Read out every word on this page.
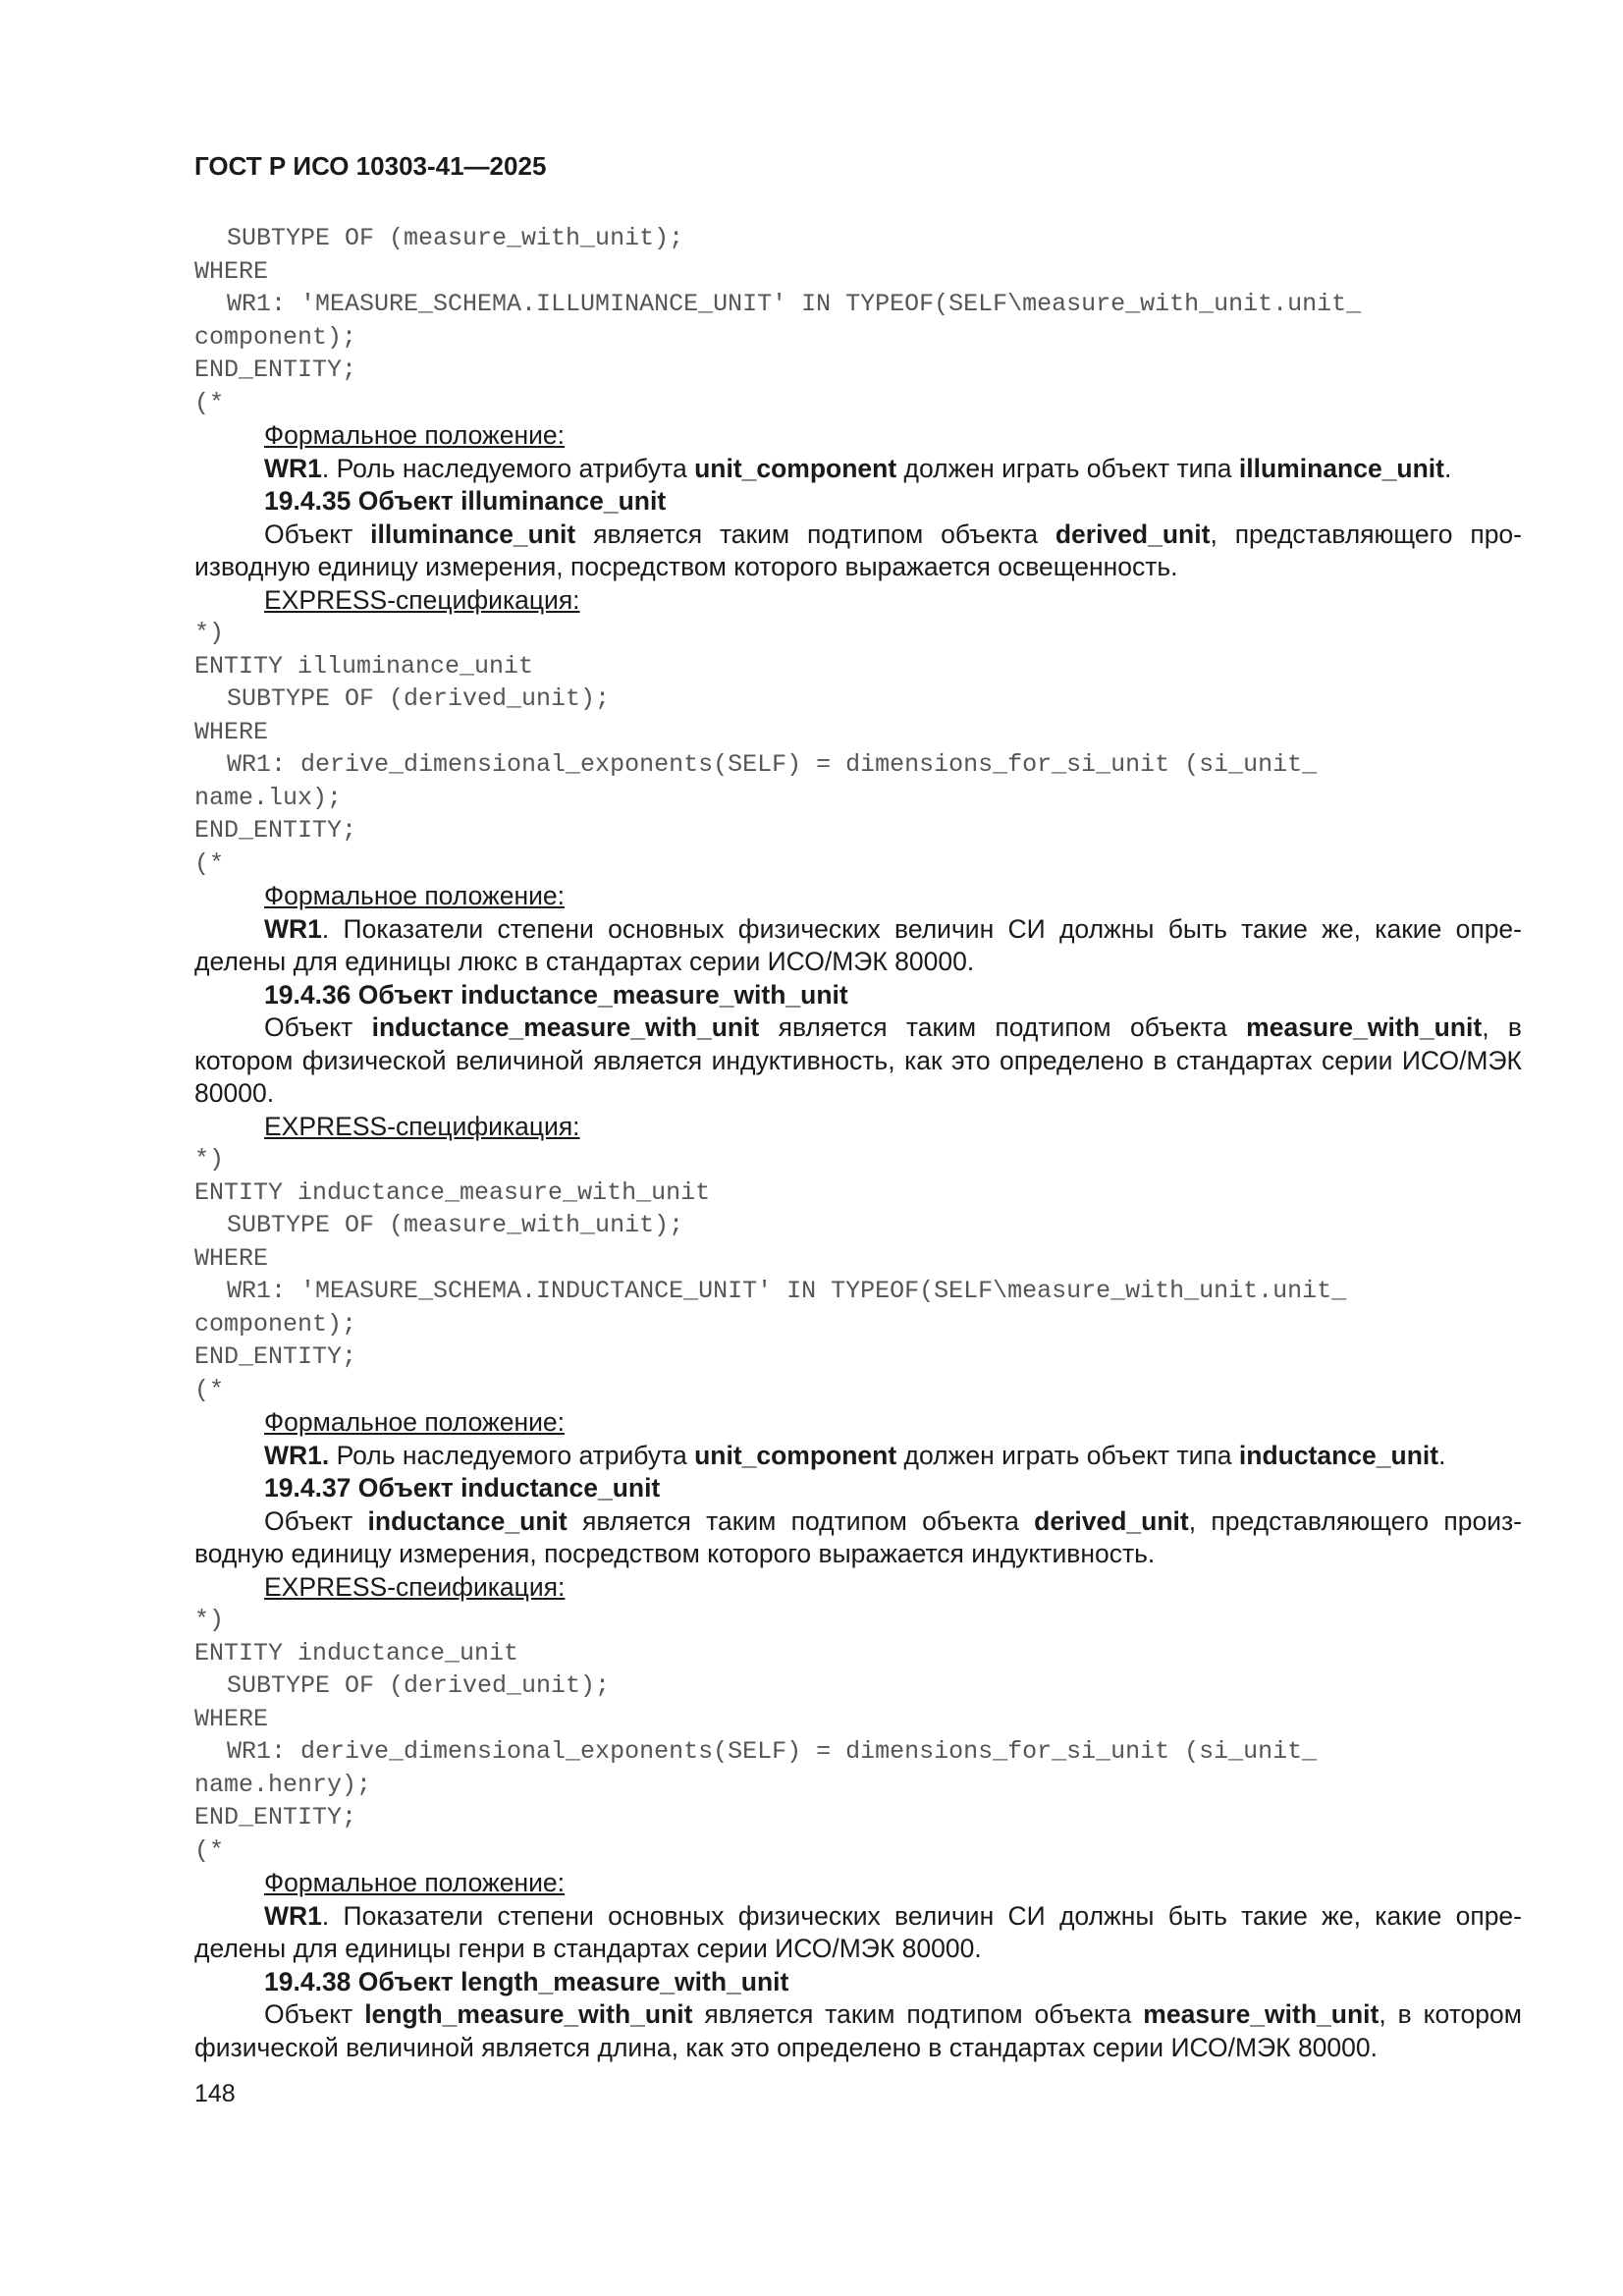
ГОСТ Р ИСО 10303-41—2025
SUBTYPE OF (measure_with_unit);
WHERE
WR1: 'MEASURE_SCHEMA.ILLUMINANCE_UNIT' IN TYPEOF(SELF\measure_with_unit.unit_
component);
END_ENTITY;
(*
Формальное положение:
WR1. Роль наследуемого атрибута unit_component должен играть объект типа illuminance_unit.
19.4.35 Объект illuminance_unit
Объект illuminance_unit является таким подтипом объекта derived_unit, представляющего производную единицу измерения, посредством которого выражается освещенность.
EXPRESS-спецификация:
*)
ENTITY illuminance_unit
SUBTYPE OF (derived_unit);
WHERE
WR1: derive_dimensional_exponents(SELF) = dimensions_for_si_unit (si_unit_
name.lux);
END_ENTITY;
(*
Формальное положение:
WR1. Показатели степени основных физических величин СИ должны быть такие же, какие определены для единицы люкс в стандартах серии ИСО/МЭК 80000.
19.4.36 Объект inductance_measure_with_unit
Объект inductance_measure_with_unit является таким подтипом объекта measure_with_unit, в котором физической величиной является индуктивность, как это определено в стандартах серии ИСО/МЭК 80000.
EXPRESS-спецификация:
*)
ENTITY inductance_measure_with_unit
SUBTYPE OF (measure_with_unit);
WHERE
WR1: 'MEASURE_SCHEMA.INDUCTANCE_UNIT' IN TYPEOF(SELF\measure_with_unit.unit_
component);
END_ENTITY;
(*
Формальное положение:
WR1. Роль наследуемого атрибута unit_component должен играть объект типа inductance_unit.
19.4.37 Объект inductance_unit
Объект inductance_unit является таким подтипом объекта derived_unit, представляющего производную единицу измерения, посредством которого выражается индуктивность.
EXPRESS-спеификация:
*)
ENTITY inductance_unit
SUBTYPE OF (derived_unit);
WHERE
WR1: derive_dimensional_exponents(SELF) = dimensions_for_si_unit (si_unit_
name.henry);
END_ENTITY;
(*
Формальное положение:
WR1. Показатели степени основных физических величин СИ должны быть такие же, какие определены для единицы генри в стандартах серии ИСО/МЭК 80000.
19.4.38 Объект length_measure_with_unit
Объект length_measure_with_unit является таким подтипом объекта measure_with_unit, в котором физической величиной является длина, как это определено в стандартах серии ИСО/МЭК 80000.
148
